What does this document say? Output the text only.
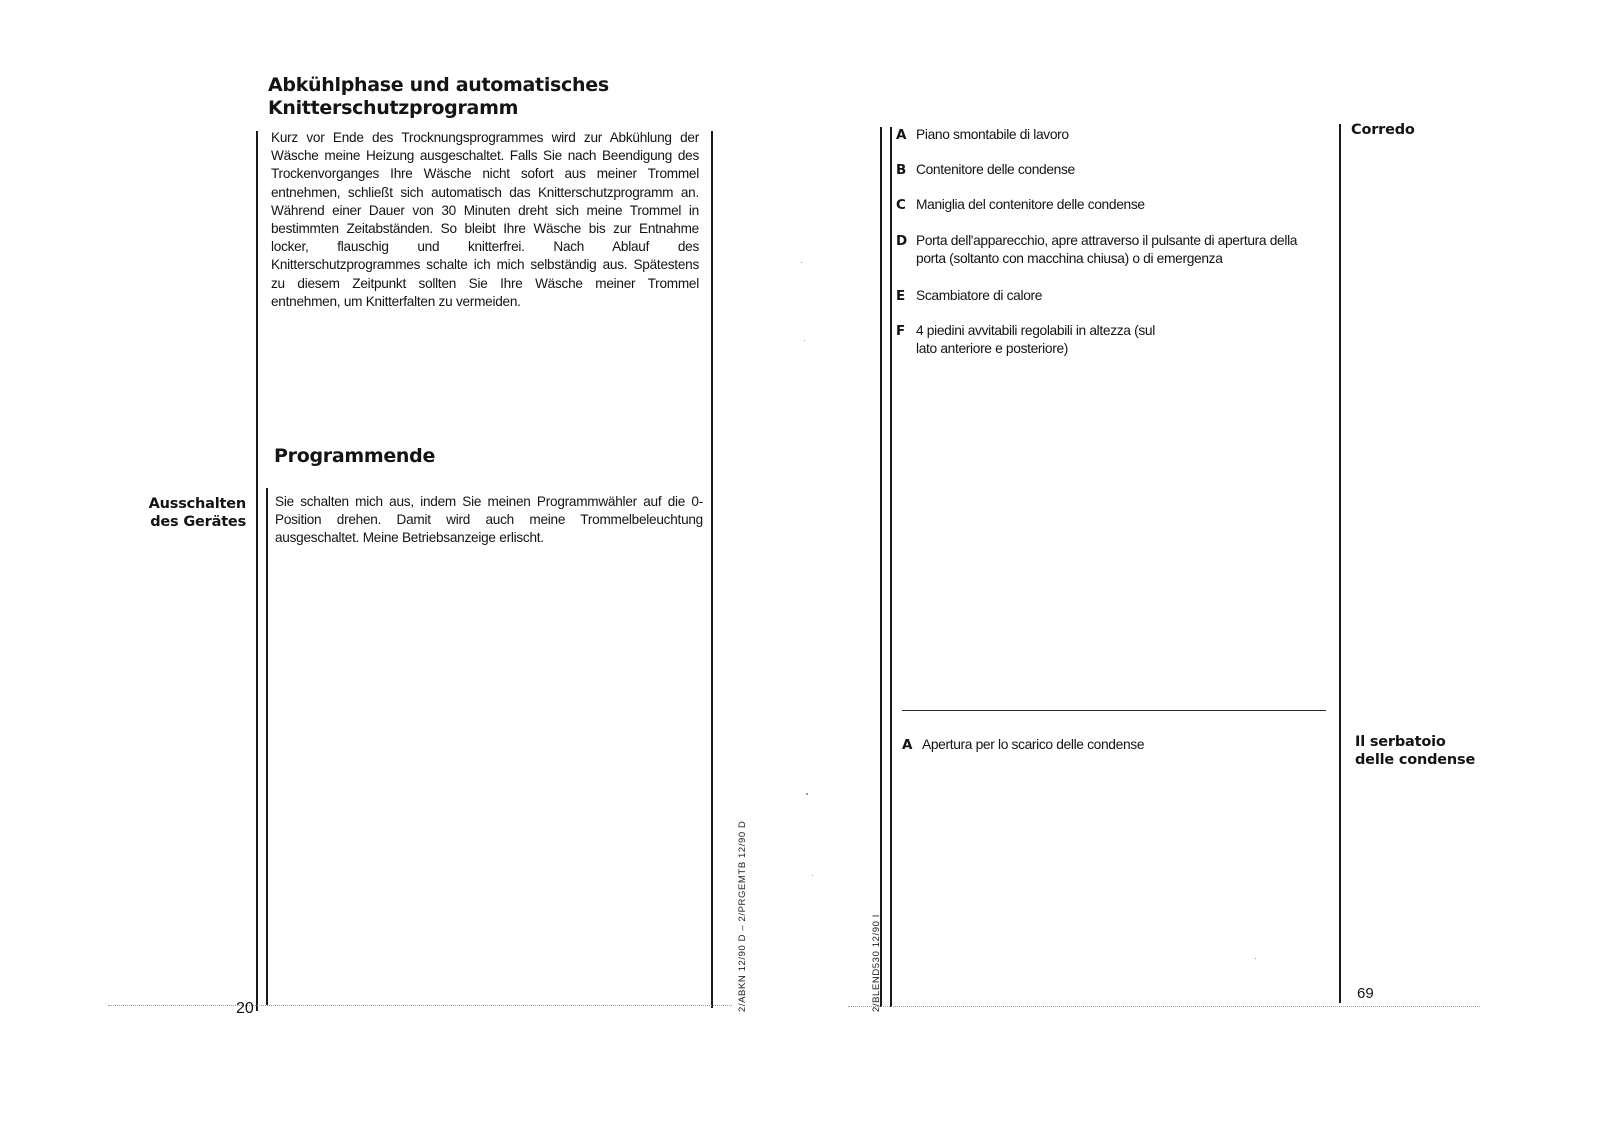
Abkühlphase und automatisches
Knitterschutzprogramm

Kurz vor Ende des Trocknungsprogrammes wird zur Abkühlung der Wäsche meine Heizung ausgeschaltet. Falls Sie nach Beendigung des Trockenvorganges Ihre Wäsche nicht sofort aus meiner Trommel entnehmen, schließt sich automatisch das Knitterschutzprogramm an. Während einer Dauer von 30 Minuten dreht sich meine Trommel in bestimmten Zeitabständen. So bleibt Ihre Wäsche bis zur Entnahme locker, flauschig und knitterfrei. Nach Ablauf des Knitterschutzprogrammes schalte ich mich selbständig aus. Spätestens zu diesem Zeitpunkt sollten Sie Ihre Wäsche meiner Trommel entnehmen, um Knitterfalten zu vermeiden.

Programmende
Ausschalten
des Gerätes

Sie schalten mich aus, indem Sie meinen Programmwähler auf die 0-Position drehen. Damit wird auch meine Trommelbeleuchtung ausgeschaltet. Meine Betriebsanzeige erlischt.

2/ABKN 12/90 D – 2/PRGEMTB 12/90 D
20	2/BLEND530 12/90 I
A Piano smontabile di lavoro
B Contenitore delle condense
C Maniglia del contenitore delle condense
D Porta dell'apparecchio, apre attraverso il pulsante di apertura della porta (soltanto con macchina chiusa) o di emergenza
E Scambiatore di calore
F 4 piedini avvitabili regolabili in altezza (sul lato anteriore e posteriore)
Corredo
A Apertura per lo scarico delle condense	Il serbatoio
delle condense
69
